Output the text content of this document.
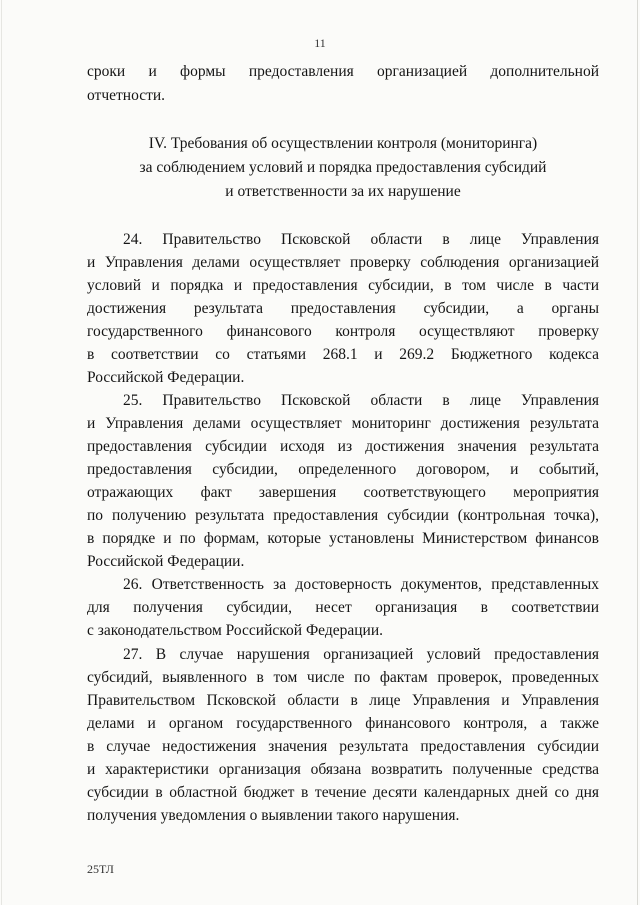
11
сроки и формы предоставления организацией дополнительной
отчетности.
IV. Требования об осуществлении контроля (мониторинга)
за соблюдением условий и порядка предоставления субсидий
и ответственности за их нарушение
24. Правительство Псковской области в лице Управления
и Управления делами осуществляет проверку соблюдения организацией
условий и порядка и предоставления субсидии, в том числе в части
достижения результата предоставления субсидии, а органы
государственного финансового контроля осуществляют проверку
в соответствии со статьями 268.1 и 269.2 Бюджетного кодекса
Российской Федерации.
25. Правительство Псковской области в лице Управления
и Управления делами осуществляет мониторинг достижения результата
предоставления субсидии исходя из достижения значения результата
предоставления субсидии, определенного договором, и событий,
отражающих факт завершения соответствующего мероприятия
по получению результата предоставления субсидии (контрольная точка),
в порядке и по формам, которые установлены Министерством финансов
Российской Федерации.
26. Ответственность за достоверность документов, представленных
для получения субсидии, несет организация в соответствии
с законодательством Российской Федерации.
27. В случае нарушения организацией условий предоставления
субсидий, выявленного в том числе по фактам проверок, проведенных
Правительством Псковской области в лице Управления и Управления
делами и органом государственного финансового контроля, а также
в случае недостижения значения результата предоставления субсидии
и характеристики организация обязана возвратить полученные средства
субсидии в областной бюджет в течение десяти календарных дней со дня
получения уведомления о выявлении такого нарушения.
25ТЛ
